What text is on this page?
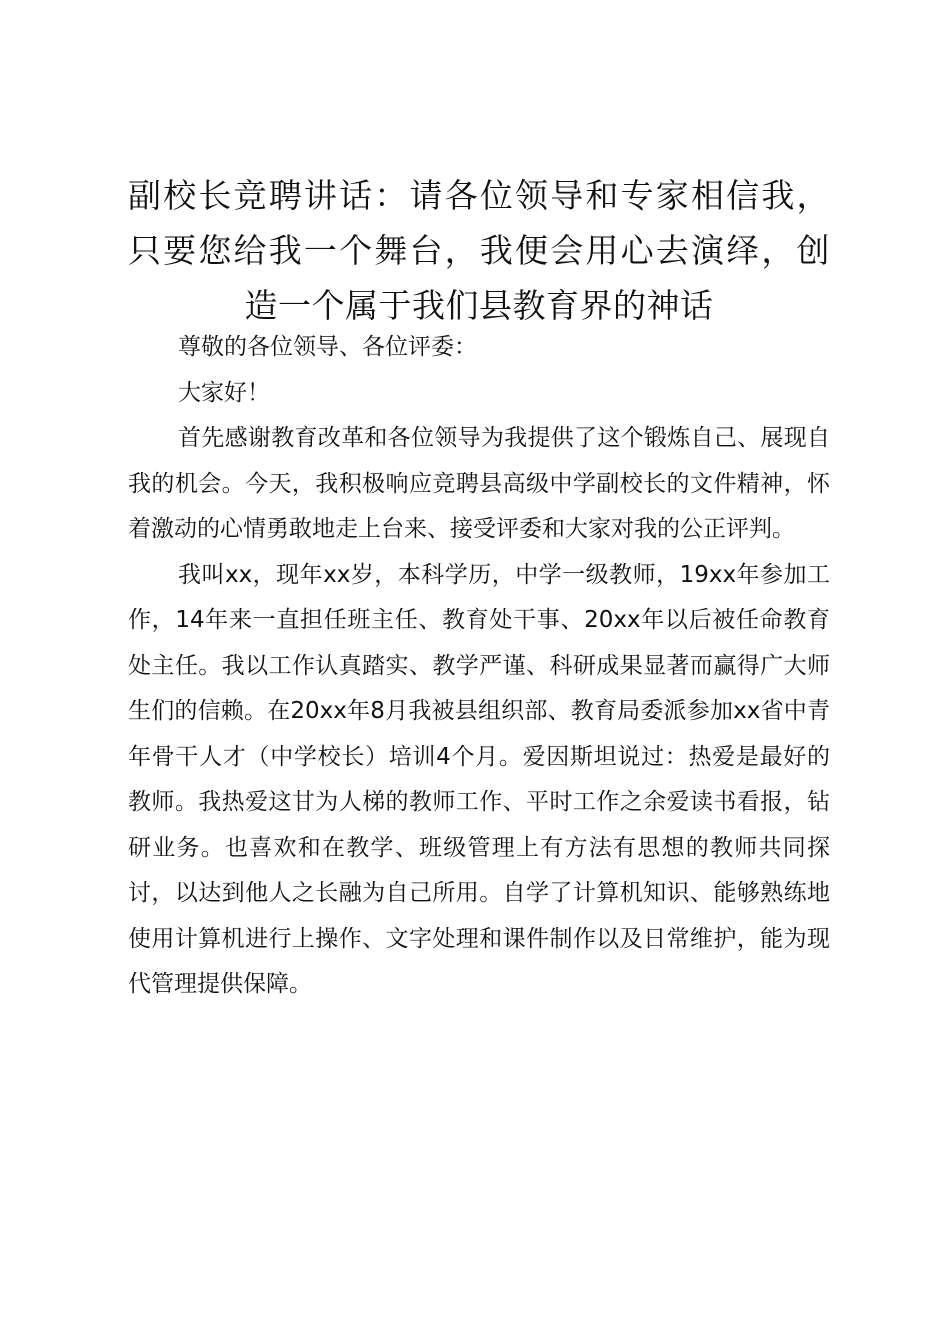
副校长竞聘讲话：请各位领导和专家相信我，只要您给我一个舞台，我便会用心去演绎，创造一个属于我们县教育界的神话

尊敬的各位领导、各位评委：

大家好！

首先感谢教育改革和各位领导为我提供了这个锻炼自己、展现自我的机会。今天，我积极响应竞聘县高级中学副校长的文件精神，怀着激动的心情勇敢地走上台来、接受评委和大家对我的公正评判。

我叫xx，现年xx岁，本科学历，中学一级教师，19xx年参加工作，14年来一直担任班主任、教育处干事、20xx年以后被任命教育处主任。我以工作认真踏实、教学严谨、科研成果显著而赢得广大师生们的信赖。在20xx年8月我被县组织部、教育局委派参加xx省中青年骨干人才（中学校长）培训4个月。爱因斯坦说过：热爱是最好的教师。我热爱这甘为人梯的教师工作、平时工作之余爱读书看报，钻研业务。也喜欢和在教学、班级管理上有方法有思想的教师共同探讨，以达到他人之长融为自己所用。自学了计算机知识、能够熟练地使用计算机进行上操作、文字处理和课件制作以及日常维护，能为现代管理提供保障。
